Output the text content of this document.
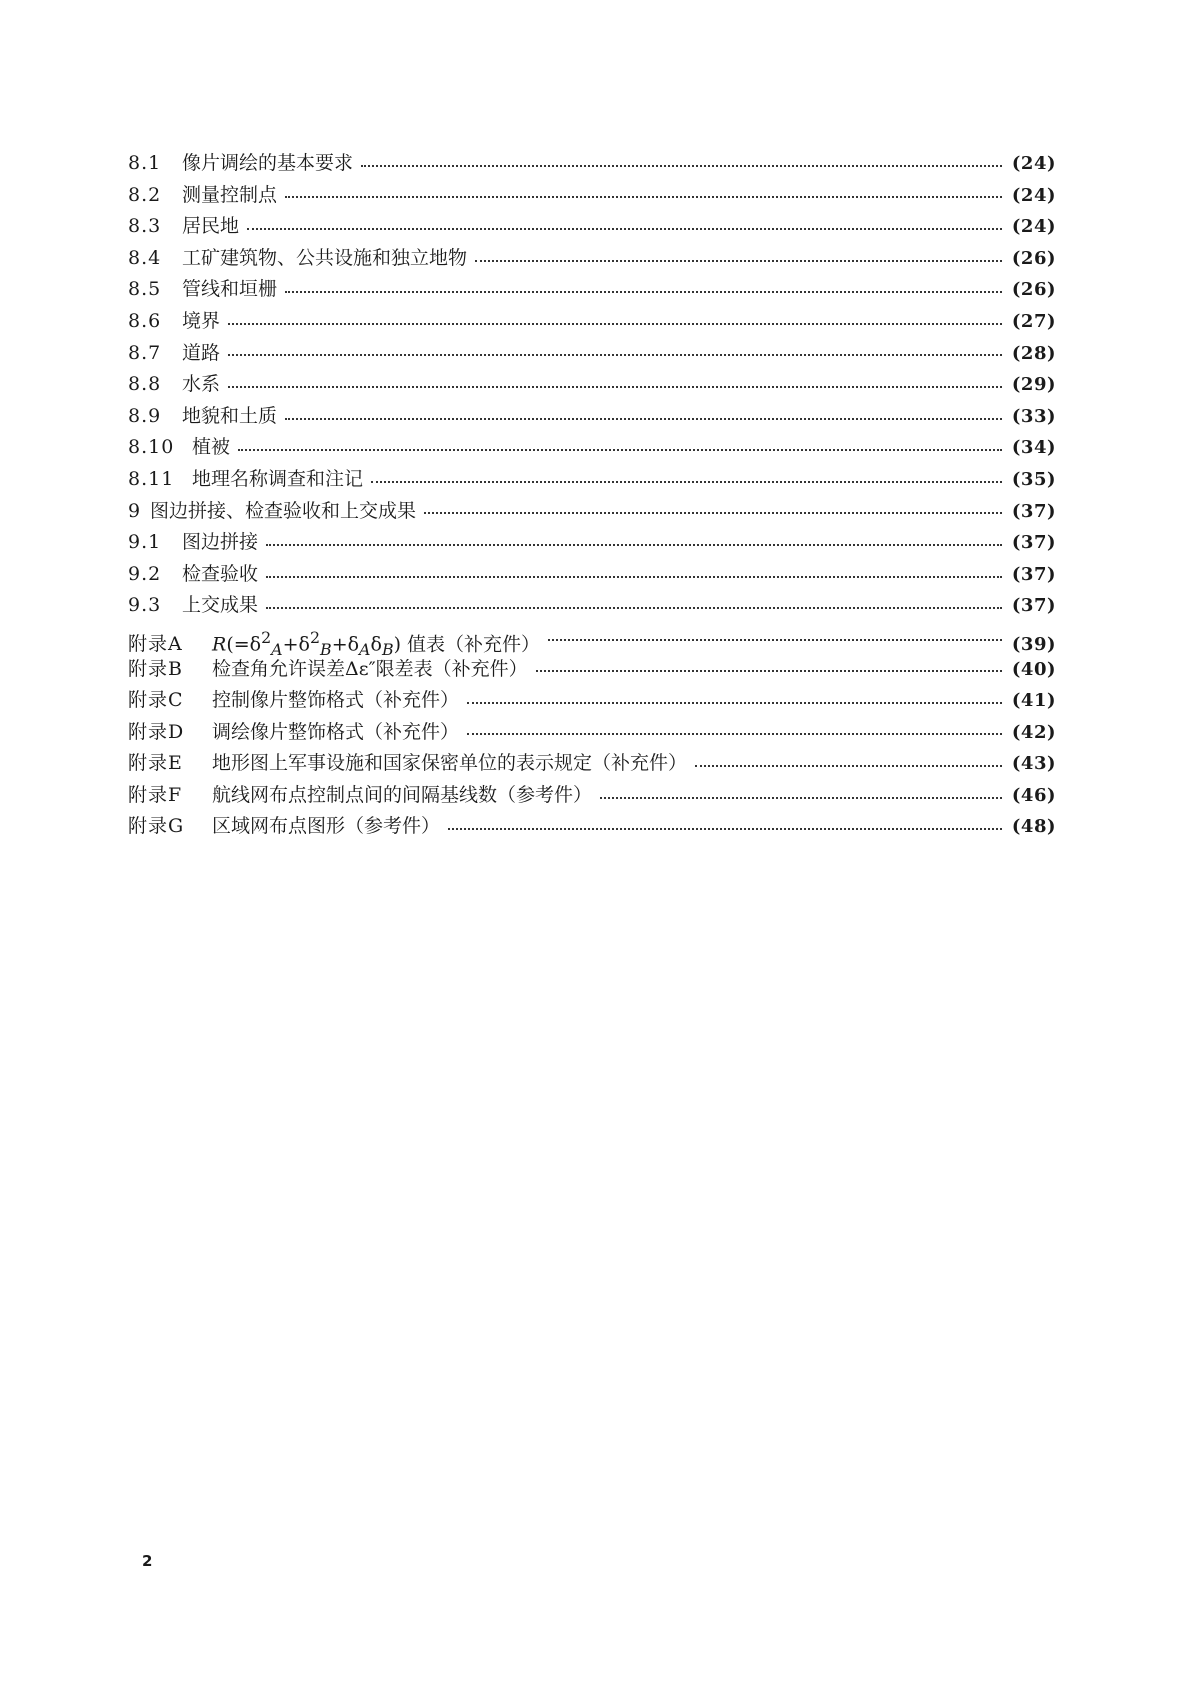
8.1	像片调绘的基本要求	(24)
8.2	测量控制点	(24)
8.3	居民地	(24)
8.4	工矿建筑物、公共设施和独立地物	(26)
8.5	管线和垣栅	(26)
8.6	境界	(27)
8.7	道路	(28)
8.8	水系	(29)
8.9	地貌和土质	(33)
8.10 植被	(34)
8.11 地理名称调查和注记	(35)
9 图边拼接、检查验收和上交成果	(37)
9.1	图边拼接	(37)
9.2	检查验收	(37)
9.3	上交成果	(37)
附录A	$R(=\delta^2_A+\delta^2_B+\delta_A\delta_B)$ 值表（补充件）	(39)
附录B	检查角允许误差Δε″限差表（补充件）	(40)
附录C	控制像片整饰格式（补充件）	(41)
附录D	调绘像片整饰格式（补充件）	(42)
附录E	地形图上军事设施和国家保密单位的表示规定（补充件）	(43)
附录F	航线网布点控制点间的间隔基线数（参考件）	(46)
附录G	区域网布点图形（参考件）	(48)
2
